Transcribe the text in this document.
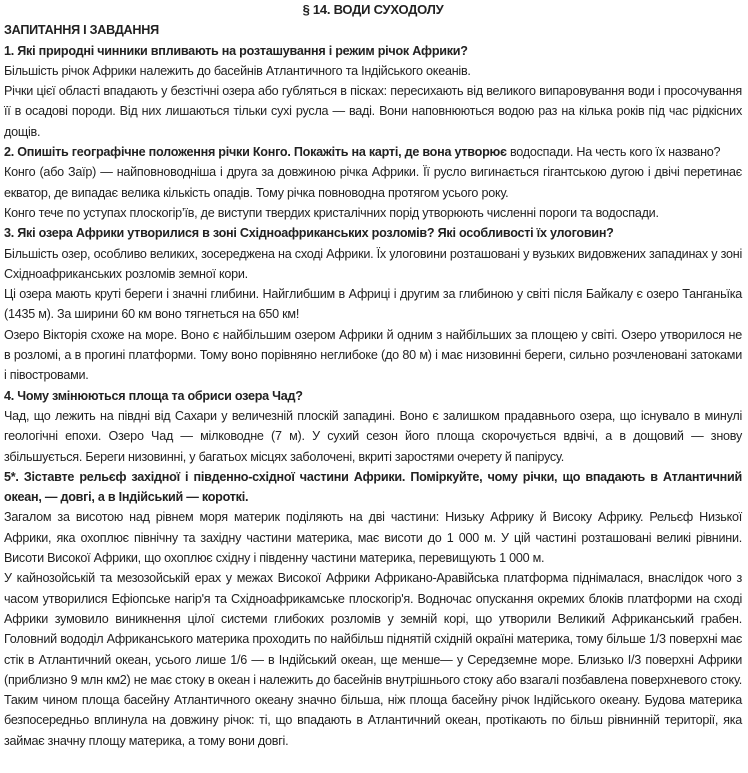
§ 14. ВОДИ СУХОДОЛУ

ЗАПИТАННЯ І ЗАВДАННЯ

1. Які природні чинники впливають на розташування і режим річок Африки?

Більшість річок Африки належить до басейнів Атлантичного та Індійського океанів.

Річки цієї області впадають у безстічні озера або губляться в пісках: пересихають від великого випаровування води і просочування її в осадові породи. Від них лишаються тільки сухі русла — ваді. Вони наповнюються водою раз на кілька років під час рідкісних дощів.

2. Опишіть географічне положення річки Конго. Покажіть на карті, де вона утворює водоспади. На честь кого їх названо?

Конго (або Заїр) — найповноводніша і друга за довжиною річка Африки. Її русло вигинається гігантською дугою і двічі перетинає екватор, де випадає велика кількість опадів. Тому річка повноводна протягом усього року.

Конго тече по уступах плоскогір’їв, де виступи твердих кристалічних порід утворюють численні пороги та водоспади.

3. Які озера Африки утворилися в зоні Східноафриканських розломів? Які особливості їх улоговин?

Більшість озер, особливо великих, зосереджена на сході Африки. Їх улоговини розташовані у вузьких видовжених западинах у зоні Східноафриканських розломів земної кори.

Ці озера мають круті береги і значні глибини. Найглибшим в Африці і другим за глибиною у світі після Байкалу є озеро Танганьїка (1435 м). За ширини 60 км воно тягнеться на 650 км!

Озеро Вікторія схоже на море. Воно є найбільшим озером Африки й одним з найбільших за площею у світі. Озеро утворилося не в розломі, а в прогині платформи. Тому воно порівняно неглибоке (до 80 м) і має низовинні береги, сильно розчленовані затоками і півостровами.

4. Чому змінюються площа та обриси озера Чад?

Чад, що лежить на півдні від Сахари у величезній плоскій западині. Воно є залишком прадавнього озера, що існувало в минулі геологічні епохи. Озеро Чад — мілководне (7 м). У сухий сезон його площа скорочується вдвічі, а в дощовий — знову збільшується. Береги низовинні, у багатьох місцях заболочені, вкриті заростями очерету й папірусу.

5*. Зіставте рельєф західної і південно-східної частини Африки. Поміркуйте, чому річки, що впадають в Атлантичний океан, — довгі, а в Індійський — короткі.

Загалом за висотою над рівнем моря материк поділяють на дві частини: Низьку Африку й Високу Африку. Рельєф Низької Африки, яка охоплює північну та західну частини материка, має висоти до 1 000 м. У цій частині розташовані великі рівнини. Висоти Високої Африки, що охоплює східну і південну частини материка, перевищують 1 000 м.

У кайнозойській та мезозойській ерах у межах Високої Африки Африкано-Аравійська платформа піднімалася, внаслідок чого з часом утворилися Ефіопське нагір'я та Східноафрикамське плоскогір'я. Водночас опускання окремих блоків платформи на сході Африки зумовило виникнення цілої системи глибоких розломів у земній корі, що утворили Великий Африканський грабен. Головний вододіл Африканського материка проходить по найбільш піднятій східній окраїні материка, тому більше 1/3 поверхні має стік в Атлантичний океан, усього лише 1/6 — в Індійський океан, ще менше— у Середземне море. Близько І/3 поверхні Африки (приблизно 9 млн км2) не має стоку в океан і належить до басейнів внутрішнього стоку або взагалі позбавлена поверхневого стоку. Таким чином площа басейну Атлантичного океану значно більша, ніж площа басейну річок Індійського океану. Будова материка безпосередньо вплинула на довжину річок: ті, що впадають в Атлантичний океан, протікають по більш рівнинній території, яка займає значну площу материка, а тому вони довгі.
